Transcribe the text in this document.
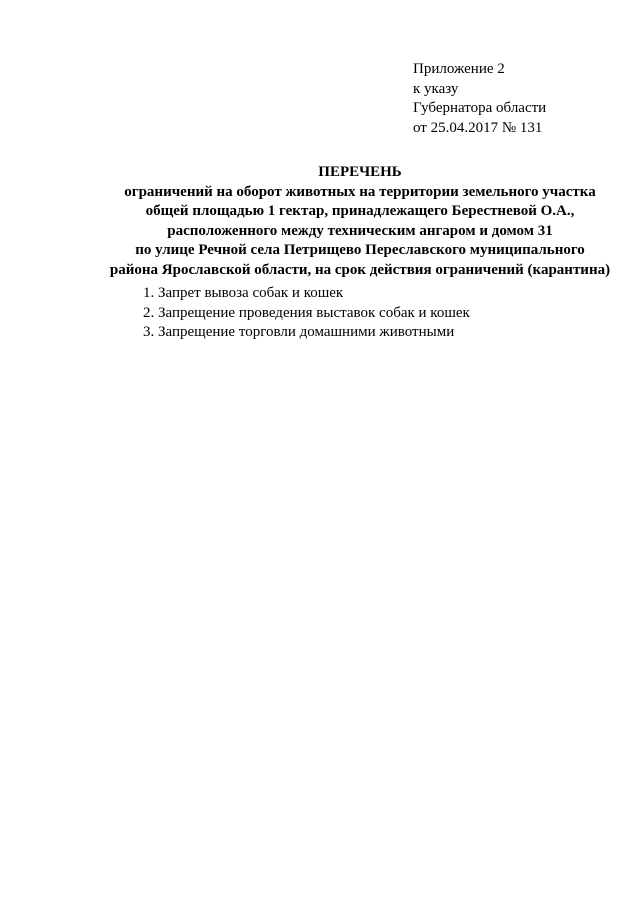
Приложение 2
к указу
Губернатора области
от 25.04.2017 № 131
ПЕРЕЧЕНЬ
ограничений на оборот животных на территории земельного участка
общей площадью 1 гектар, принадлежащего Берестневой О.А.,
расположенного между техническим ангаром и домом 31
по улице Речной села Петрищево Переславского муниципального
района Ярославской области, на срок действия ограничений (карантина)
1. Запрет вывоза собак и кошек
2. Запрещение проведения выставок собак и кошек
3. Запрещение торговли домашними животными
